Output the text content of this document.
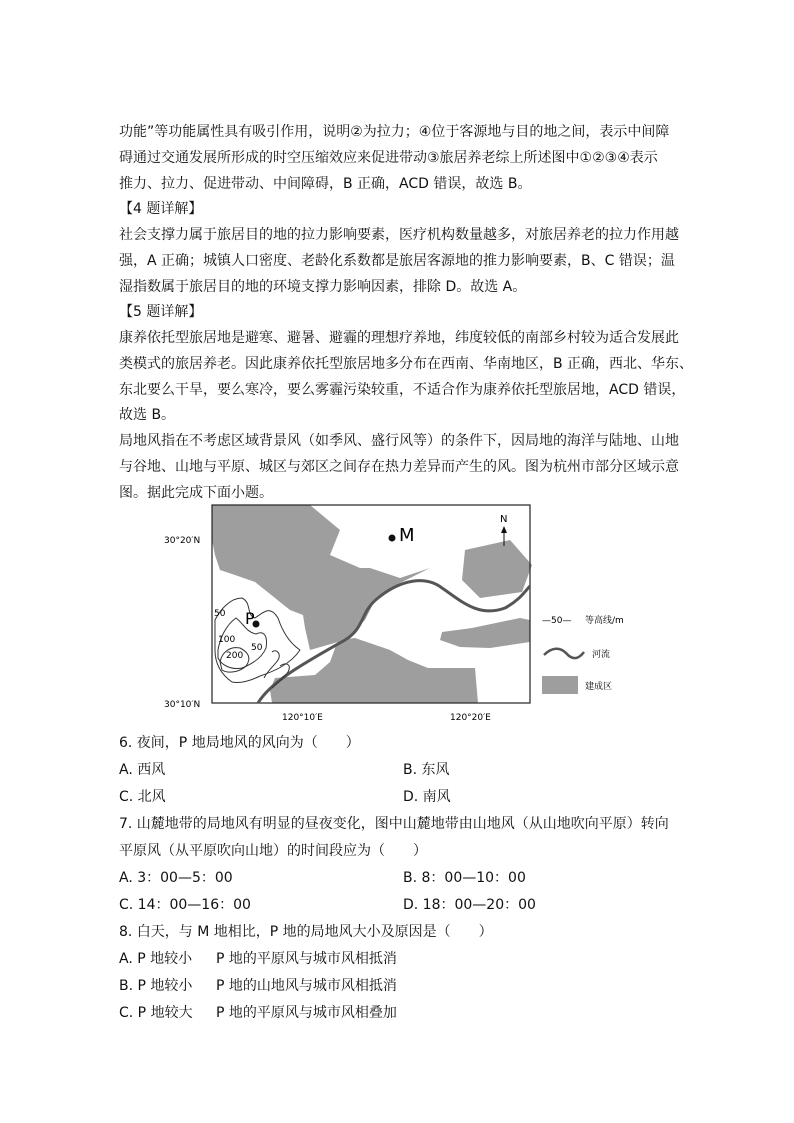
功能”等功能属性具有吸引作用，说明②为拉力；④位于客源地与目的地之间，表示中间障
碍通过交通发展所形成的时空压缩效应来促进带动③旅居养老综上所述图中①②③④表示
推力、拉力、促进带动、中间障碍，B 正确，ACD 错误，故选 B。
【4 题详解】
社会支撑力属于旅居目的地的拉力影响要素，医疗机构数量越多，对旅居养老的拉力作用越
强，A 正确；城镇人口密度、老龄化系数都是旅居客源地的推力影响要素，B、C 错误；温
湿指数属于旅居目的地的环境支撑力影响因素，排除 D。故选 A。
【5 题详解】
康养依托型旅居地是避寒、避暑、避霾的理想疗养地，纬度较低的南部乡村较为适合发展此
类模式的旅居养老。因此康养依托型旅居地多分布在西南、华南地区，B 正确，西北、华东、
东北要么干旱，要么寒冷，要么雾霾污染较重，不适合作为康养依托型旅居地，ACD 错误，
故选 B。
局地风指在不考虑区域背景风（如季风、盛行风等）的条件下，因局地的海洋与陆地、山地
与谷地、山地与平原、城区与郊区之间存在热力差异而产生的风。图为杭州市部分区域示意
图。据此完成下面小题。
M
P
50
100
50
200
N
30°20′N
30°10′N
120°10′E	120°20′E
—50— 等高线/m
河流
建成区
6. 夜间，P 地局地风的风向为（　　）
A. 西风	B. 东风
C. 北风	D. 南风
7. 山麓地带的局地风有明显的昼夜变化，图中山麓地带由山地风（从山地吹向平原）转向
平原风（从平原吹向山地）的时间段应为（　　）
A. 3：00—5：00	B. 8：00—10：00
C. 14：00—16：00	D. 18：00—20：00
8. 白天，与 M 地相比，P 地的局地风大小及原因是（　　）
A. P 地较小 P 地的平原风与城市风相抵消
B. P 地较小 P 地的山地风与城市风相抵消
C. P 地较大 P 地的平原风与城市风相叠加
